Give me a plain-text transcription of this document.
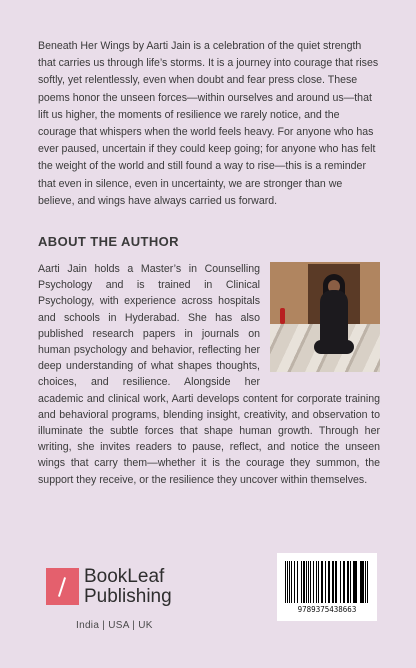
Beneath Her Wings by Aarti Jain is a celebration of the quiet strength that carries us through life’s storms. It is a journey into courage that rises softly, yet relentlessly, even when doubt and fear press close. These poems honor the unseen forces—within ourselves and around us—that lift us higher, the moments of resilience we rarely notice, and the courage that whispers when the world feels heavy. For anyone who has ever paused, uncertain if they could keep going; for anyone who has felt the weight of the world and still found a way to rise—this is a reminder that even in silence, even in uncertainty, we are stronger than we believe, and wings have always carried us forward.

ABOUT THE AUTHOR
Aarti Jain holds a Master’s in Counselling Psychology and is trained in Clinical Psychology, with experience across hospitals and schools in Hyderabad. She has also published research papers in journals on human psychology and behavior, reflecting her deep understanding of what shapes thoughts, choices, and resilience. Alongside her academic and clinical work, Aarti develops content for corporate training and behavioral programs, blending insight, creativity, and observation to illuminate the subtle forces that shape human growth. Through her writing, she invites readers to pause, reflect, and notice the unseen wings that carry them—whether it is the courage they summon, the support they receive, or the resilience they uncover within themselves.
BookLeaf
Publishing
India | USA | UK
9789375438663
